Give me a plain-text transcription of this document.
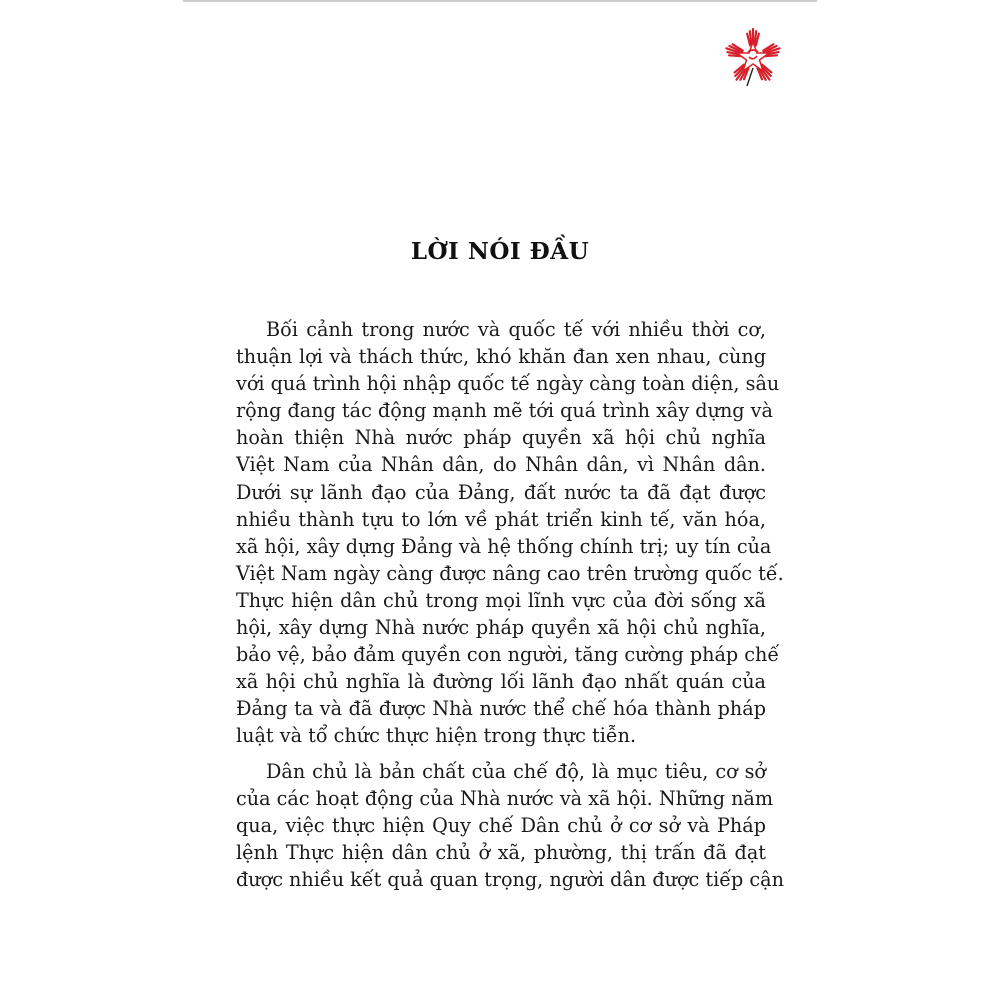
LỜI NÓI ĐẦU
Bối cảnh trong nước và quốc tế với nhiều thời cơ,
thuận lợi và thách thức, khó khăn đan xen nhau, cùng
với quá trình hội nhập quốc tế ngày càng toàn diện, sâu
rộng đang tác động mạnh mẽ tới quá trình xây dựng và
hoàn thiện Nhà nước pháp quyền xã hội chủ nghĩa
Việt Nam của Nhân dân, do Nhân dân, vì Nhân dân.
Dưới sự lãnh đạo của Đảng, đất nước ta đã đạt được
nhiều thành tựu to lớn về phát triển kinh tế, văn hóa,
xã hội, xây dựng Đảng và hệ thống chính trị; uy tín của
Việt Nam ngày càng được nâng cao trên trường quốc tế.
Thực hiện dân chủ trong mọi lĩnh vực của đời sống xã
hội, xây dựng Nhà nước pháp quyền xã hội chủ nghĩa,
bảo vệ, bảo đảm quyền con người, tăng cường pháp chế
xã hội chủ nghĩa là đường lối lãnh đạo nhất quán của
Đảng ta và đã được Nhà nước thể chế hóa thành pháp
luật và tổ chức thực hiện trong thực tiễn.
Dân chủ là bản chất của chế độ, là mục tiêu, cơ sở
của các hoạt động của Nhà nước và xã hội. Những năm
qua, việc thực hiện Quy chế Dân chủ ở cơ sở và Pháp
lệnh Thực hiện dân chủ ở xã, phường, thị trấn đã đạt
được nhiều kết quả quan trọng, người dân được tiếp cận
